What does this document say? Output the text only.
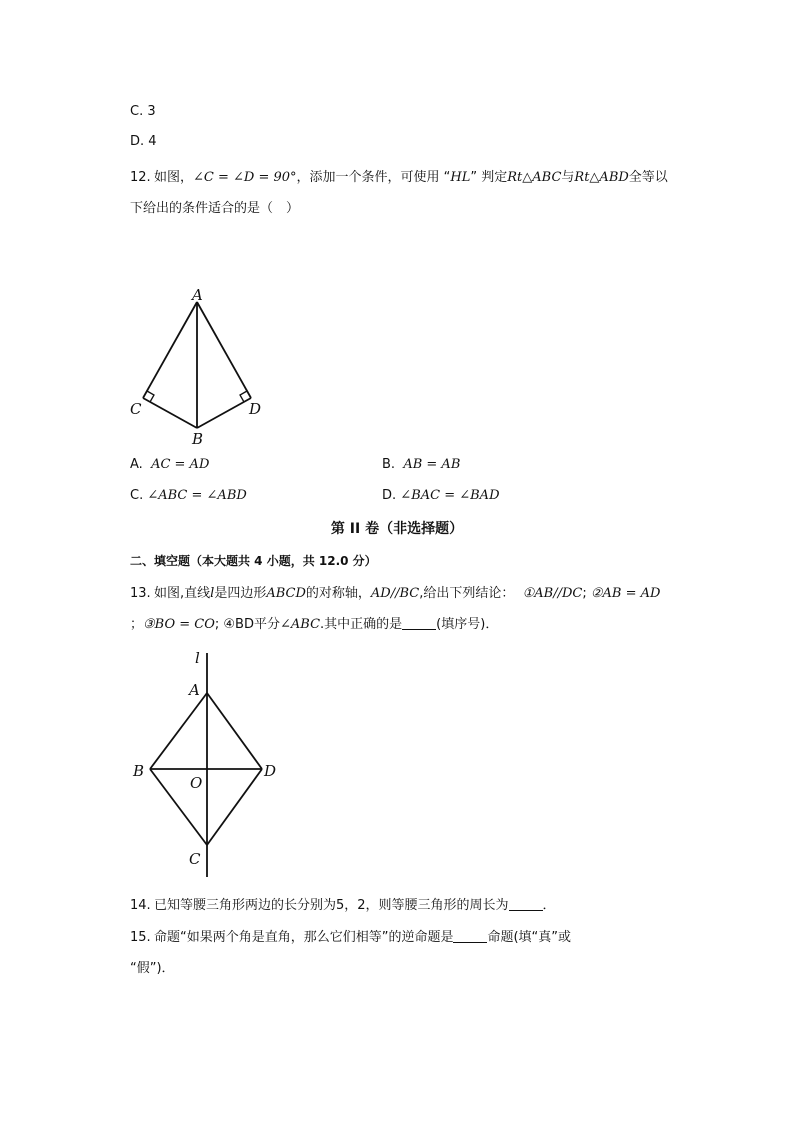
C. 3
D. 4
12. 如图，∠C = ∠D = 90°，添加一个条件，可使用 “HL” 判定Rt△ABC与Rt△ABD全等以
下给出的条件适合的是（　）
A
C	D
B
A. AC = AD	B. AB = AB
C. ∠ABC = ∠ABD	D. ∠BAC = ∠BAD
第 II 卷（非选择题）
二、填空题（本大题共 4 小题，共 12.0 分）
13. 如图,直线l是四边形ABCD的对称轴，AD//BC,给出下列结论： ①AB//DC; ②AB = AD
；③BO = CO; ④BD平分∠ABC.其中正确的是	(填序号)．
l
A
B	D
O
C
14. 已知等腰三角形两边的长分别为5，2，则等腰三角形的周长为	．
15. 命题“如果两个角是直角，那么它们相等”的逆命题是	命题(填“真”或
“假”)．
